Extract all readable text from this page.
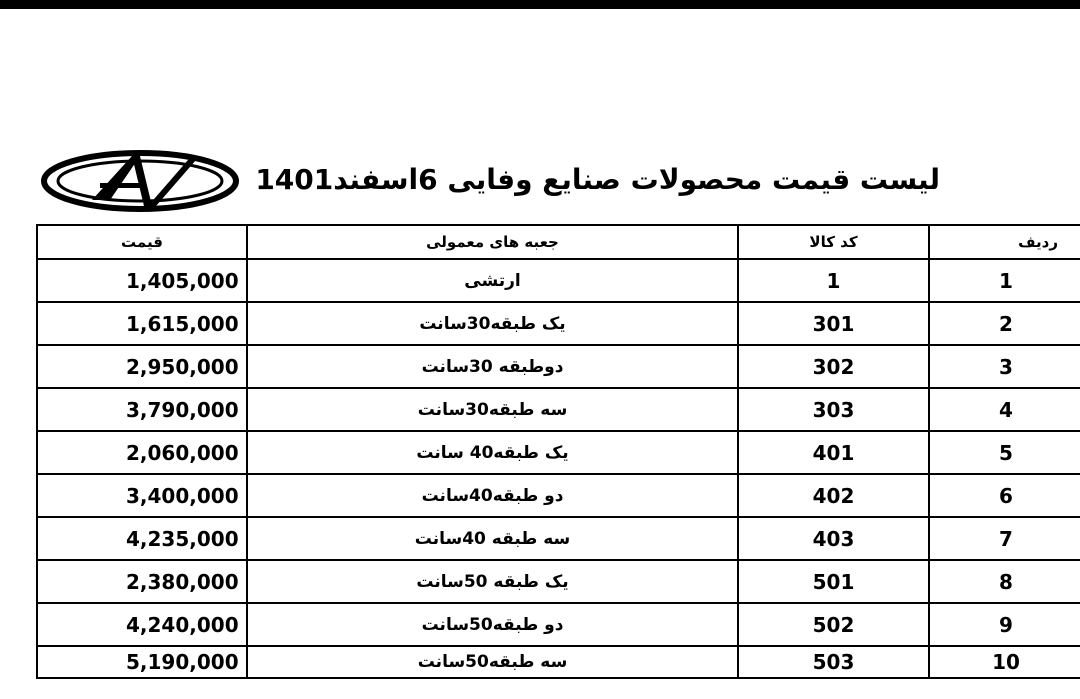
لیست قیمت محصولات صنایع وفایی 6اسفند1401
ردیف	کد کالا	جعبه های معمولی	قیمت
1	1	ارتشی	1,405,000
2	301	یک طبقه30سانت	1,615,000
3	302	دوطبقه 30سانت	2,950,000
4	303	سه طبقه30سانت	3,790,000
5	401	یک طبقه40 سانت	2,060,000
6	402	دو طبقه40سانت	3,400,000
7	403	سه طبقه 40سانت	4,235,000
8	501	یک طبقه 50سانت	2,380,000
9	502	دو طبقه50سانت	4,240,000
10	503	سه طبقه50سانت	5,190,000
